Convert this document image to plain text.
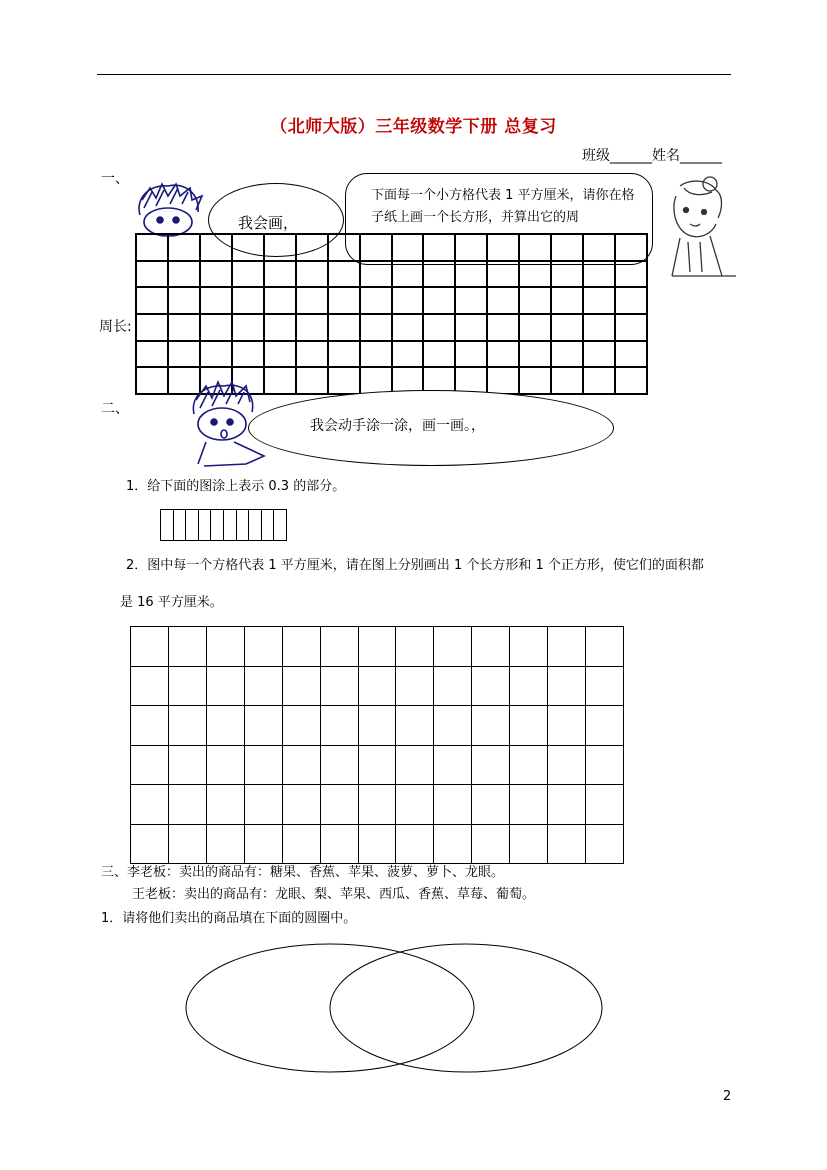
（北师大版）三年级数学下册 总复习
班级______姓名______
一、
我会画，
下面每一个小方格代表 1 平方厘米，请你在格子纸上画一个长方形，并算出它的周
周长:

二、
我会动手涂一涂，画一画。，
1．给下面的图涂上表示 0.3 的部分。

2．图中每一个方格代表 1 平方厘米，请在图上分别画出 1 个长方形和 1 个正方形，使它们的面积都
是 16 平方厘米。

三、李老板：卖出的商品有：糖果、香蕉、苹果、菠萝、萝卜、龙眼。
王老板：卖出的商品有：龙眼、梨、苹果、西瓜、香蕉、草莓、葡萄。
1．请将他们卖出的商品填在下面的圆圈中。
2
